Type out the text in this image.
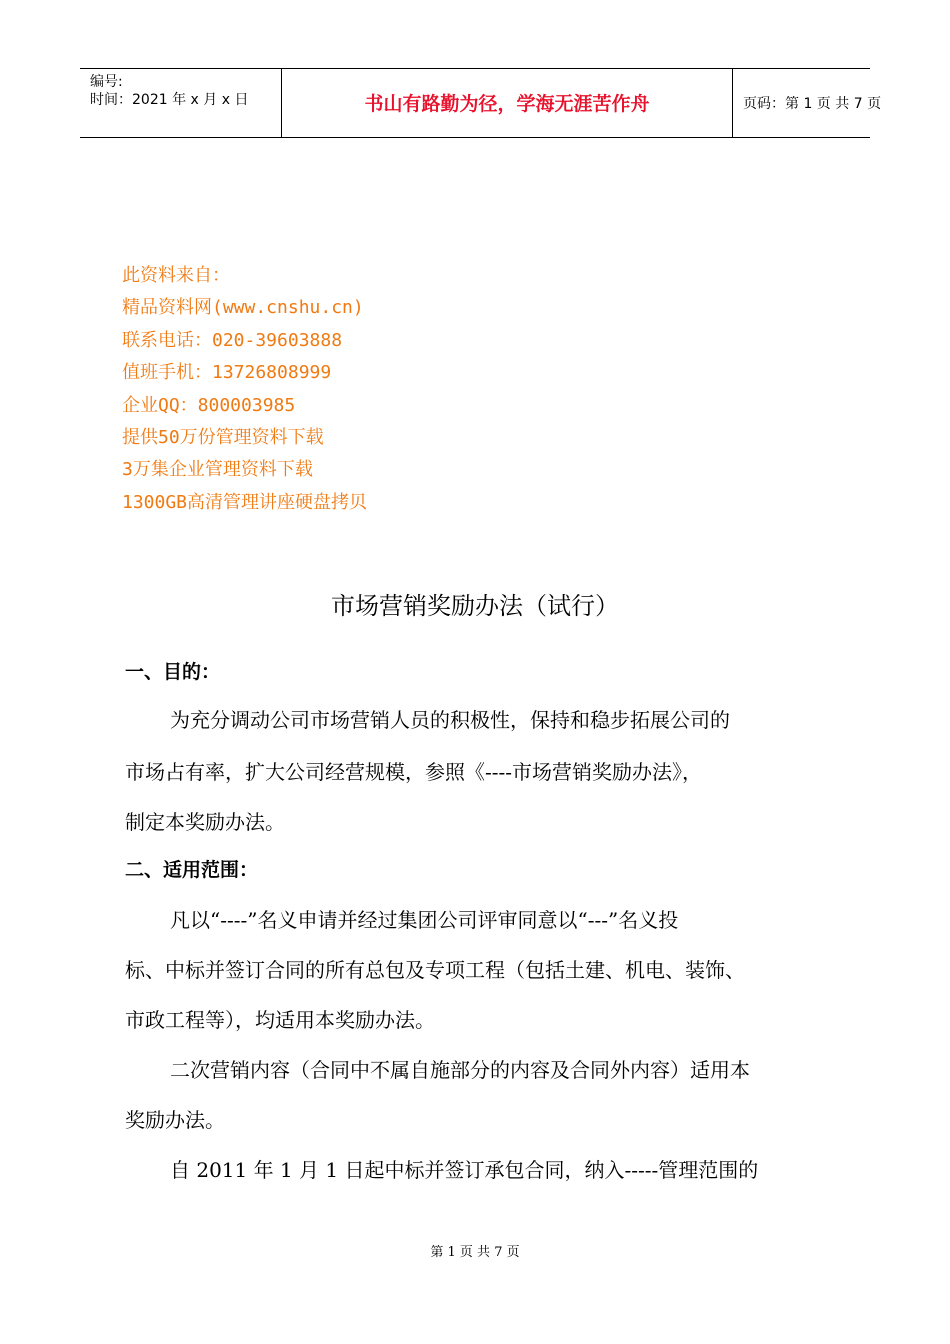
编号:
时间：2021 年 x 月 x 日	书山有路勤为径，学海无涯苦作舟	页码：第 1 页 共 7 页
此资料来自：
精品资料网(www.cnshu.cn)
联系电话：020-39603888
值班手机：13726808999
企业QQ：800003985
提供50万份管理资料下载
3万集企业管理资料下载
1300GB高清管理讲座硬盘拷贝
市场营销奖励办法（试行）
一、目的：
为充分调动公司市场营销人员的积极性，保持和稳步拓展公司的
市场占有率，扩大公司经营规模，参照《----市场营销奖励办法》，
制定本奖励办法。
二、适用范围：
凡以“----”名义申请并经过集团公司评审同意以“---”名义投
标、中标并签订合同的所有总包及专项工程（包括土建、机电、装饰、
市政工程等），均适用本奖励办法。
二次营销内容（合同中不属自施部分的内容及合同外内容）适用本
奖励办法。
自 2011 年 1 月 1 日起中标并签订承包合同，纳入-----管理范围的
第 1 页 共 7 页
